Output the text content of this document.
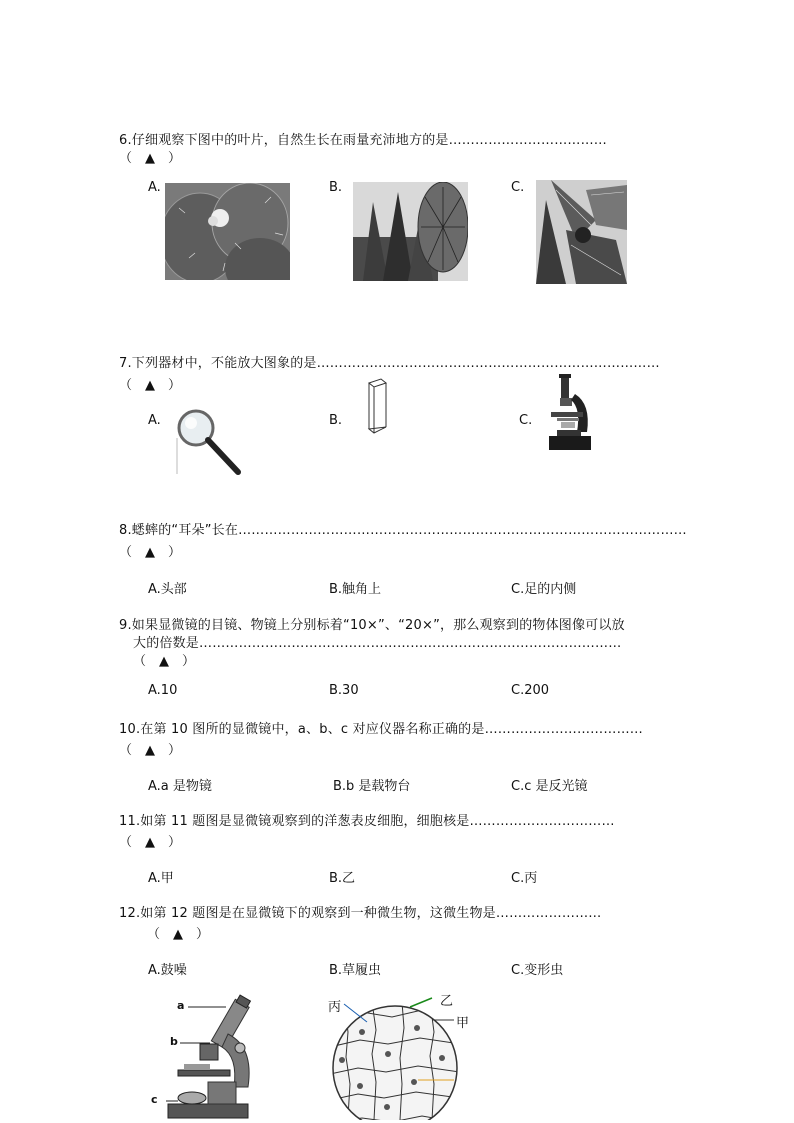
6.仔细观察下图中的叶片，自然生长在雨量充沛地方的是………………………………
（　▲　）
A.	B.	C.
7.下列器材中，不能放大图象的是……………………………………………………………………
（　▲　）
A.	B.	C.
8.蟋蟀的“耳朵”长在…………………………………………………………………………………………
（　▲　）
A.头部	B.触角上	C.足的内侧
9.如果显微镜的目镜、物镜上分别标着“10×”、“20×”，那么观察到的物体图像可以放
大的倍数是……………………………………………………………………………………
（　▲　）
A.10	B.30	C.200
10.在第 10 图所的显微镜中，a、b、c 对应仪器名称正确的是………………………………
（　▲　）
A.a 是物镜	B.b 是载物台	C.c 是反光镜
11.如第 11 题图是显微镜观察到的洋葱表皮细胞，细胞核是……………………………
（　▲　）
A.甲	B.乙	C.丙
12.如第 12 题图是在显微镜下的观察到一种微生物，这微生物是……………………
（　▲　）
A.鼓噪	B.草履虫	C.变形虫
a
b
c
丙	乙
甲
